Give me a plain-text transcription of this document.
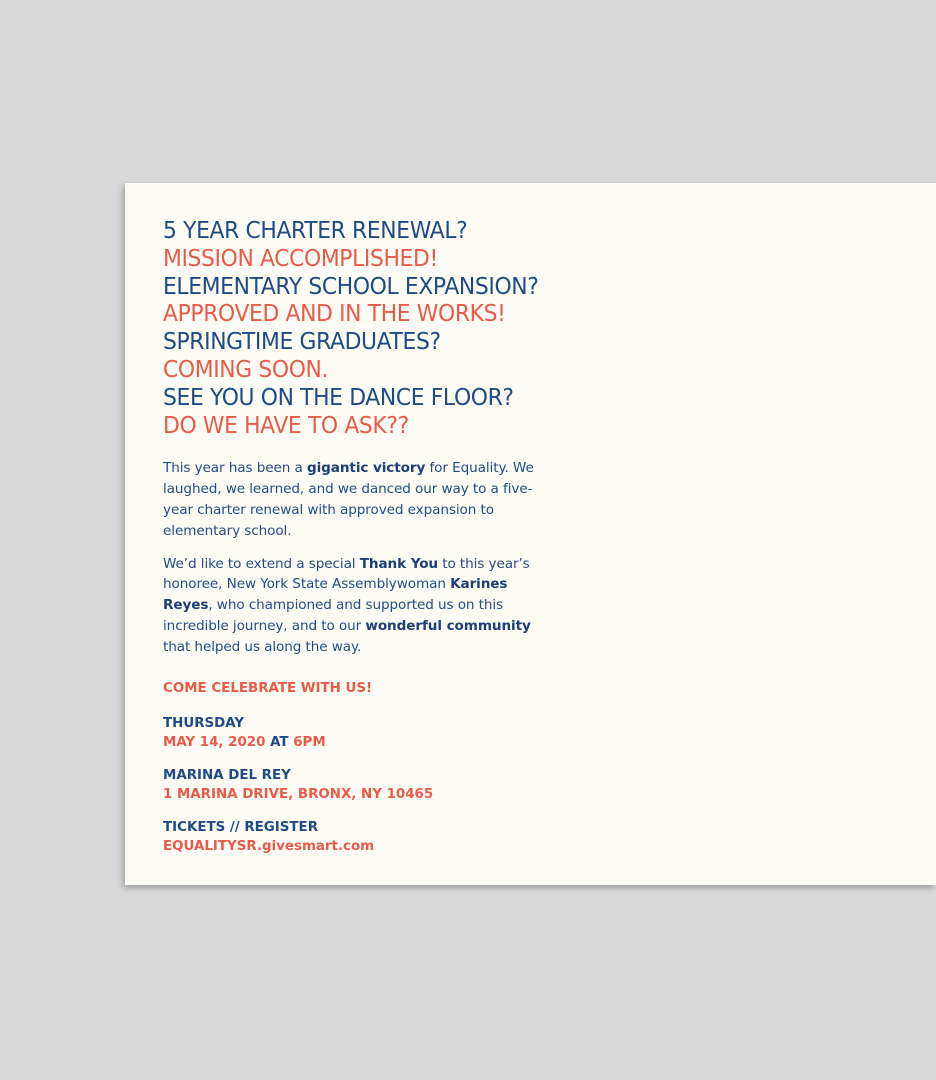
5 YEAR CHARTER RENEWAL?
MISSION ACCOMPLISHED!
ELEMENTARY SCHOOL EXPANSION?
APPROVED AND IN THE WORKS!
SPRINGTIME GRADUATES?
COMING SOON.
SEE YOU ON THE DANCE FLOOR?
DO WE HAVE TO ASK??

This year has been a gigantic victory for Equality. We laughed, we learned, and we danced our way to a five-year charter renewal with approved expansion to elementary school.

We’d like to extend a special Thank You to this year’s honoree, New York State Assemblywoman Karines Reyes, who championed and supported us on this incredible journey, and to our wonderful community that helped us along the way.

COME CELEBRATE WITH US!
THURSDAY
MAY 14, 2020 AT 6PM
MARINA DEL REY
1 MARINA DRIVE, BRONX, NY 10465
TICKETS // REGISTER
EQUALITYSR.givesmart.com
